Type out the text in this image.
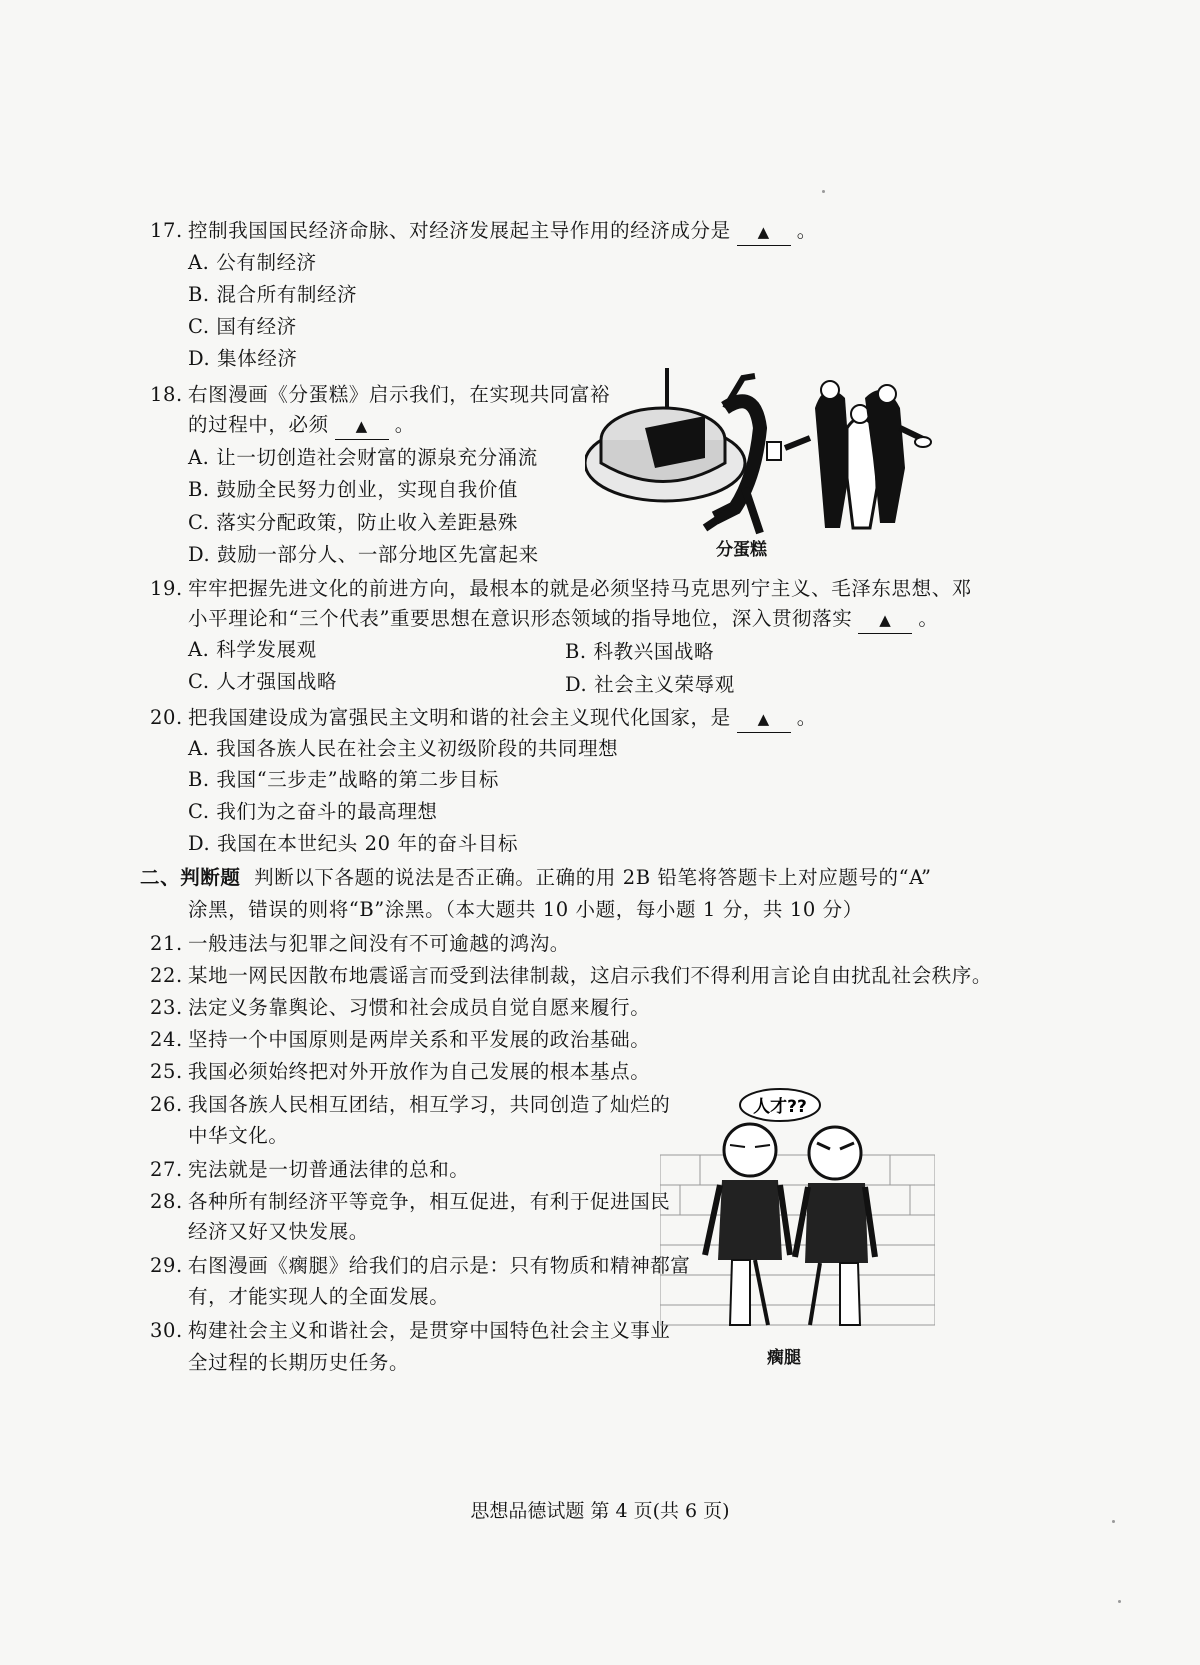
17. 控制我国国民经济命脉、对经济发展起主导作用的经济成分是 ▲ 。
A. 公有制经济
B. 混合所有制经济
C. 国有经济
D. 集体经济
18. 右图漫画《分蛋糕》启示我们，在实现共同富裕
的过程中，必须 ▲ 。
A. 让一切创造社会财富的源泉充分涌流
B. 鼓励全民努力创业，实现自我价值
C. 落实分配政策，防止收入差距悬殊
D. 鼓励一部分人、一部分地区先富起来	分蛋糕
19. 牢牢把握先进文化的前进方向，最根本的就是必须坚持马克思列宁主义、毛泽东思想、邓
小平理论和“三个代表”重要思想在意识形态领域的指导地位，深入贯彻落实 ▲ 。
A. 科学发展观	B. 科教兴国战略
C. 人才强国战略	D. 社会主义荣辱观
20. 把我国建设成为富强民主文明和谐的社会主义现代化国家，是 ▲ 。
A. 我国各族人民在社会主义初级阶段的共同理想
B. 我国“三步走”战略的第二步目标
C. 我们为之奋斗的最高理想
D. 我国在本世纪头 20 年的奋斗目标
二、判断题 判断以下各题的说法是否正确。正确的用 2B 铅笔将答题卡上对应题号的“A”
涂黑，错误的则将“B”涂黑。（本大题共 10 小题，每小题 1 分，共 10 分）
21. 一般违法与犯罪之间没有不可逾越的鸿沟。
22. 某地一网民因散布地震谣言而受到法律制裁，这启示我们不得利用言论自由扰乱社会秩序。
23. 法定义务靠舆论、习惯和社会成员自觉自愿来履行。
24. 坚持一个中国原则是两岸关系和平发展的政治基础。
25. 我国必须始终把对外开放作为自己发展的根本基点。
26. 我国各族人民相互团结，相互学习，共同创造了灿烂的
中华文化。
27. 宪法就是一切普通法律的总和。
28. 各种所有制经济平等竞争，相互促进，有利于促进国民
经济又好又快发展。
29. 右图漫画《瘸腿》给我们的启示是：只有物质和精神都富
有，才能实现人的全面发展。
30. 构建社会主义和谐社会，是贯穿中国特色社会主义事业
全过程的长期历史任务。
人才??
瘸腿
思想品德试题 第 4 页(共 6 页)
